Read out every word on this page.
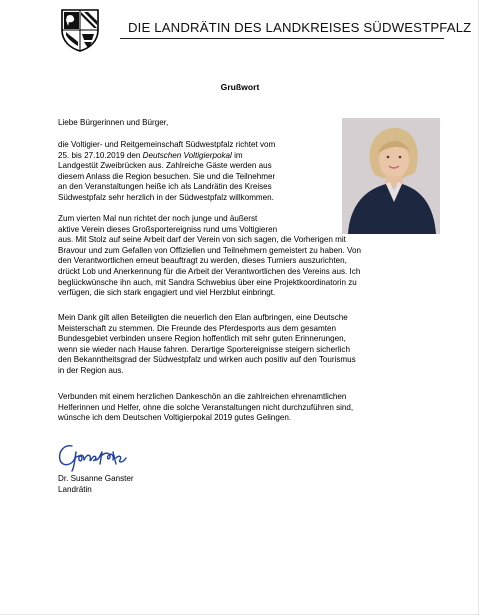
DIE LANDRÄTIN DES LANDKREISES SÜDWESTPFALZ
Grußwort
Liebe Bürgerinnen und Bürger,
die Voltigier- und Reitgemeinschaft Südwestpfalz richtet vom
25. bis 27.10.2019 den Deutschen Voltigierpokal im
Landgestüt Zweibrücken aus. Zahlreiche Gäste werden aus
diesem Anlass die Region besuchen. Sie und die Teilnehmer
an den Veranstaltungen heiße ich als Landrätin des Kreises
Südwestpfalz sehr herzlich in der Südwestpfalz willkommen.
Zum vierten Mal nun richtet der noch junge und äußerst
aktive Verein dieses Großsportereigniss rund ums Voltigieren
aus. Mit Stolz auf seine Arbeit darf der Verein von sich sagen, die Vorherigen mit
Bravour und zum Gefallen von Offiziellen und Teilnehmern gemeistert zu haben. Von
den Verantwortlichen erneut beauftragt zu werden, dieses Turniers auszurichten,
drückt Lob und Anerkennung für die Arbeit der Verantwortlichen des Vereins aus. Ich
beglückwünsche ihn auch, mit Sandra Schwebius über eine Projektkoordinatorin zu
verfügen, die sich stark engagiert und viel Herzblut einbringt.
Mein Dank gilt allen Beteiligten die neuerlich den Elan aufbringen, eine Deutsche
Meisterschaft zu stemmen. Die Freunde des Pferdesports aus dem gesamten
Bundesgebiet verbinden unsere Region hoffentlich mit sehr guten Erinnerungen,
wenn sie wieder nach Hause fahren. Derartige Sportereignisse steigern sicherlich
den Bekanntheitsgrad der Südwestpfalz und wirken auch positiv auf den Tourismus
in der Region aus.
Verbunden mit einem herzlichen Dankeschön an die zahlreichen ehrenamtlichen
Helferinnen und Helfer, ohne die solche Veranstaltungen nicht durchzuführen sind,
wünsche ich dem Deutschen Voltigierpokal 2019 gutes Gelingen.
Dr. Susanne Ganster
Landrätin
